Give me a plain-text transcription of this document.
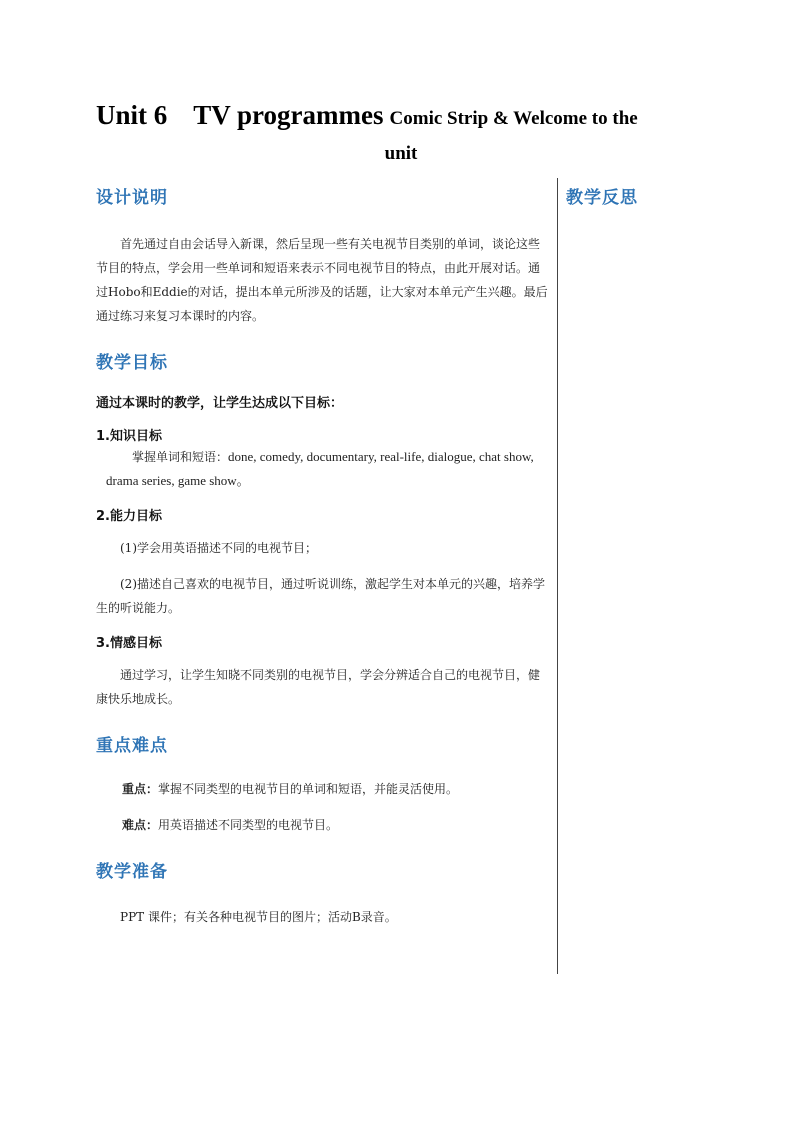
Unit 6 TV programmes Comic Strip & Welcome to the
unit
设计说明
首先通过自由会话导入新课，然后呈现一些有关电视节目类别的单词，谈论这些节目的特点，学会用一些单词和短语来表示不同电视节目的特点，由此开展对话。通过Hobo和Eddie的对话，提出本单元所涉及的话题，让大家对本单元产生兴趣。最后通过练习来复习本课时的内容。
教学目标
通过本课时的教学，让学生达成以下目标：
1.知识目标
掌握单词和短语：done, comedy, documentary, real-life, dialogue, chat show, drama series, game show。
2.能力目标
(1)学会用英语描述不同的电视节目；
(2)描述自己喜欢的电视节目，通过听说训练，激起学生对本单元的兴趣，培养学生的听说能力。
3.情感目标
通过学习，让学生知晓不同类别的电视节目，学会分辨适合自己的电视节目，健康快乐地成长。
重点难点
重点：掌握不同类型的电视节目的单词和短语，并能灵活使用。
难点：用英语描述不同类型的电视节目。
教学准备
PPT 课件；有关各种电视节目的图片；活动B录音。
教学反思
